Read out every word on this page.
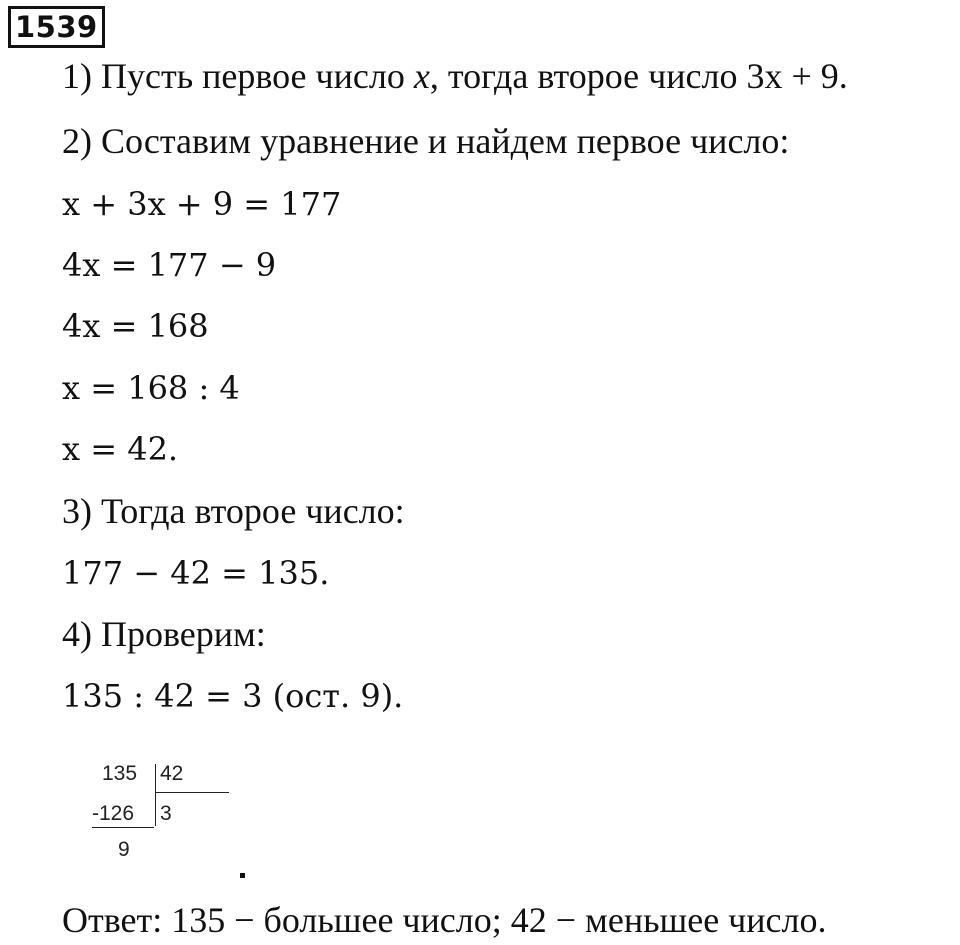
1539
1) Пусть первое число x, тогда второе число 3x + 9.
2) Составим уравнение и найдем первое число:
x + 3x + 9 = 177
4x = 177 − 9
4x = 168
x = 168 : 4
x = 42.
3) Тогда второе число:
177 − 42 = 135.
4) Проверим:
135 : 42 = 3 (ост. 9).
135 42
-126 3
9
Ответ: 135 − большее число; 42 − меньшее число.
